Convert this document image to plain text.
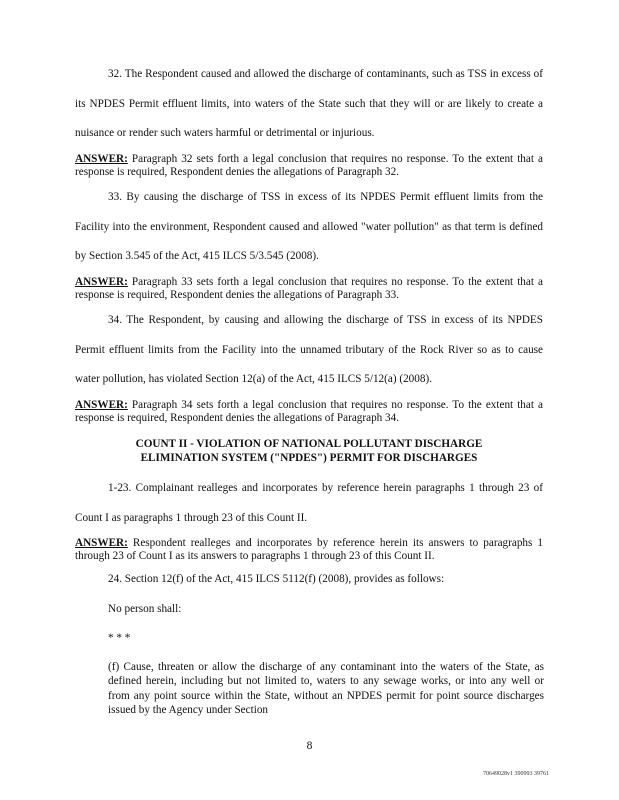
32. The Respondent caused and allowed the discharge of contaminants, such as TSS in excess of its NPDES Permit effluent limits, into waters of the State such that they will or are likely to create a nuisance or render such waters harmful or detrimental or injurious.

ANSWER: Paragraph 32 sets forth a legal conclusion that requires no response. To the extent that a response is required, Respondent denies the allegations of Paragraph 32.

33. By causing the discharge of TSS in excess of its NPDES Permit effluent limits from the Facility into the environment, Respondent caused and allowed "water pollution" as that term is defined by Section 3.545 of the Act, 415 ILCS 5/3.545 (2008).

ANSWER: Paragraph 33 sets forth a legal conclusion that requires no response. To the extent that a response is required, Respondent denies the allegations of Paragraph 33.

34. The Respondent, by causing and allowing the discharge of TSS in excess of its NPDES Permit effluent limits from the Facility into the unnamed tributary of the Rock River so as to cause water pollution, has violated Section 12(a) of the Act, 415 ILCS 5/12(a) (2008).

ANSWER: Paragraph 34 sets forth a legal conclusion that requires no response. To the extent that a response is required, Respondent denies the allegations of Paragraph 34.

COUNT II - VIOLATION OF NATIONAL POLLUTANT DISCHARGE

ELIMINATION SYSTEM ("NPDES") PERMIT FOR DISCHARGES

1-23. Complainant realleges and incorporates by reference herein paragraphs 1 through 23 of Count I as paragraphs 1 through 23 of this Count II.

ANSWER: Respondent realleges and incorporates by reference herein its answers to paragraphs 1 through 23 of Count I as its answers to paragraphs 1 through 23 of this Count II.

24. Section 12(f) of the Act, 415 ILCS 5112(f) (2008), provides as follows:

No person shall:

* * *

(f) Cause, threaten or allow the discharge of any contaminant into the waters of the State, as defined herein, including but not limited to, waters to any sewage works, or into any well or from any point source within the State, without an NPDES permit for point source discharges issued by the Agency under Section

8

70649028v1 390993 39761
